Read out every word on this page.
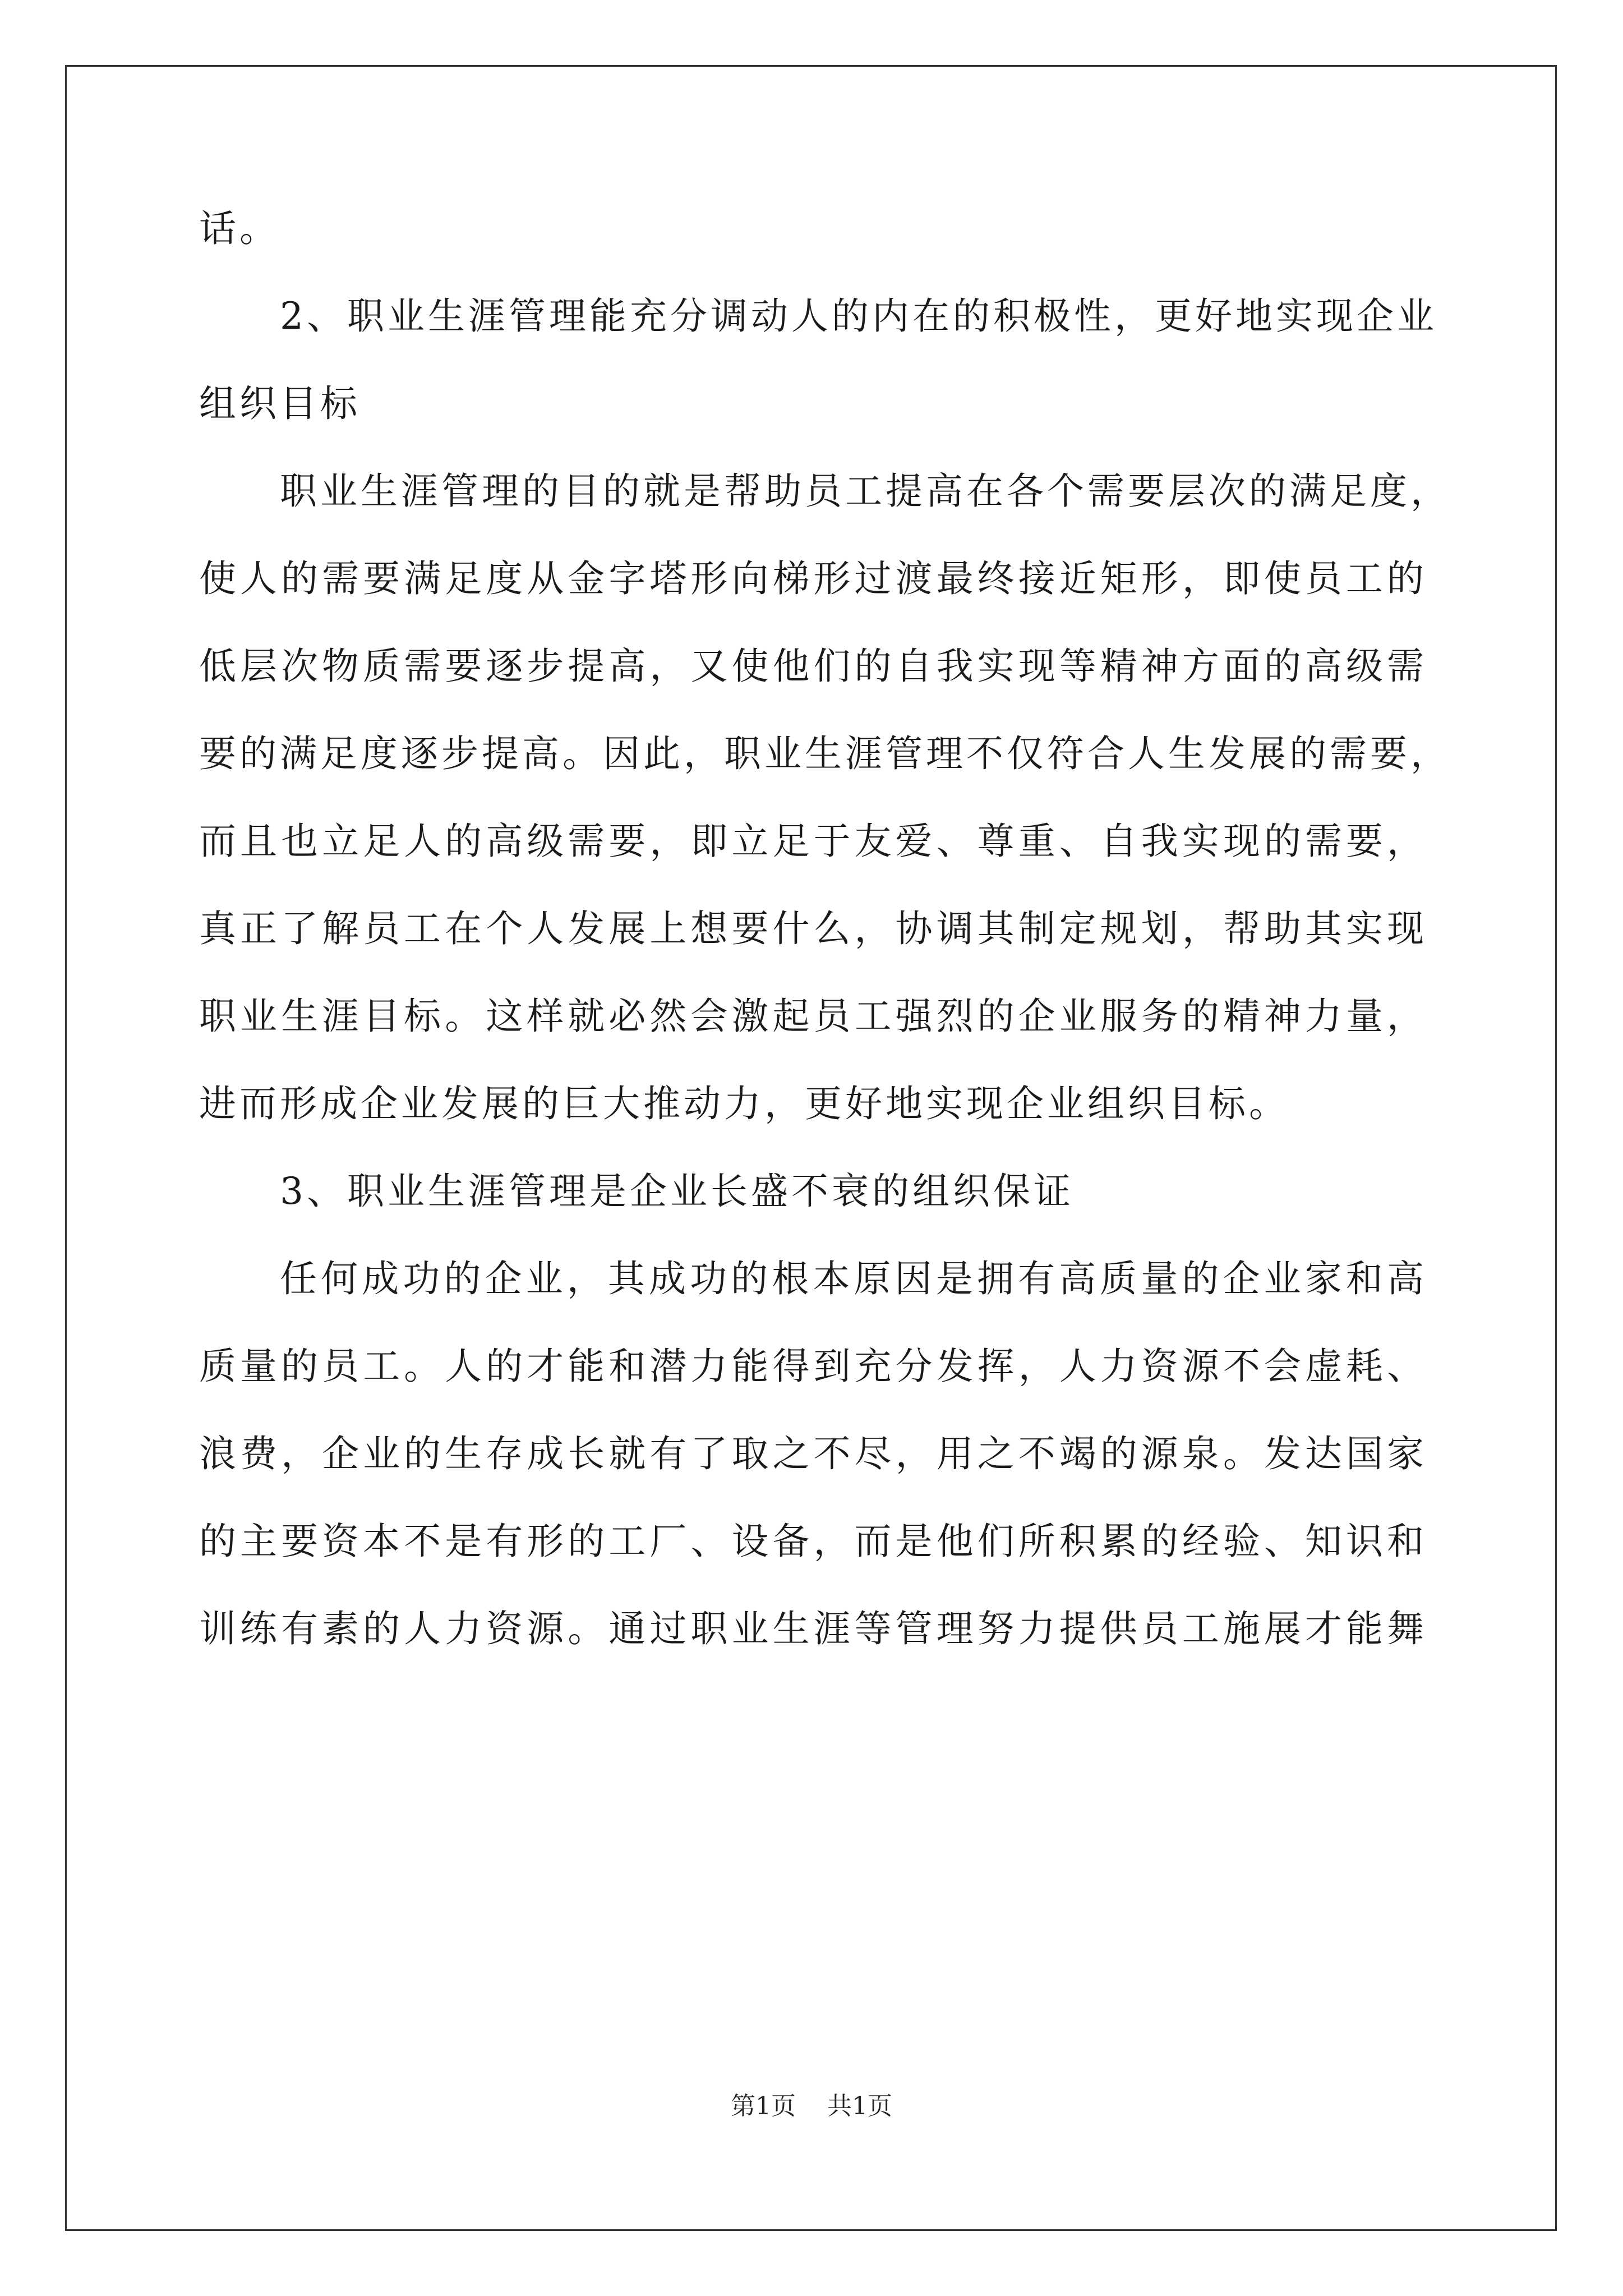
话。
2、职业生涯管理能充分调动人的内在的积极性，更好地实现企业
组织目标
职业生涯管理的目的就是帮助员工提高在各个需要层次的满足度，
使人的需要满足度从金字塔形向梯形过渡最终接近矩形，即使员工的
低层次物质需要逐步提高，又使他们的自我实现等精神方面的高级需
要的满足度逐步提高。因此，职业生涯管理不仅符合人生发展的需要，
而且也立足人的高级需要，即立足于友爱、尊重、自我实现的需要，
真正了解员工在个人发展上想要什么，协调其制定规划，帮助其实现
职业生涯目标。这样就必然会激起员工强烈的企业服务的精神力量，
进而形成企业发展的巨大推动力，更好地实现企业组织目标。
3、职业生涯管理是企业长盛不衰的组织保证
任何成功的企业，其成功的根本原因是拥有高质量的企业家和高
质量的员工。人的才能和潜力能得到充分发挥，人力资源不会虚耗、
浪费，企业的生存成长就有了取之不尽，用之不竭的源泉。发达国家
的主要资本不是有形的工厂、设备，而是他们所积累的经验、知识和
训练有素的人力资源。通过职业生涯等管理努力提供员工施展才能舞
第1页 共1页
